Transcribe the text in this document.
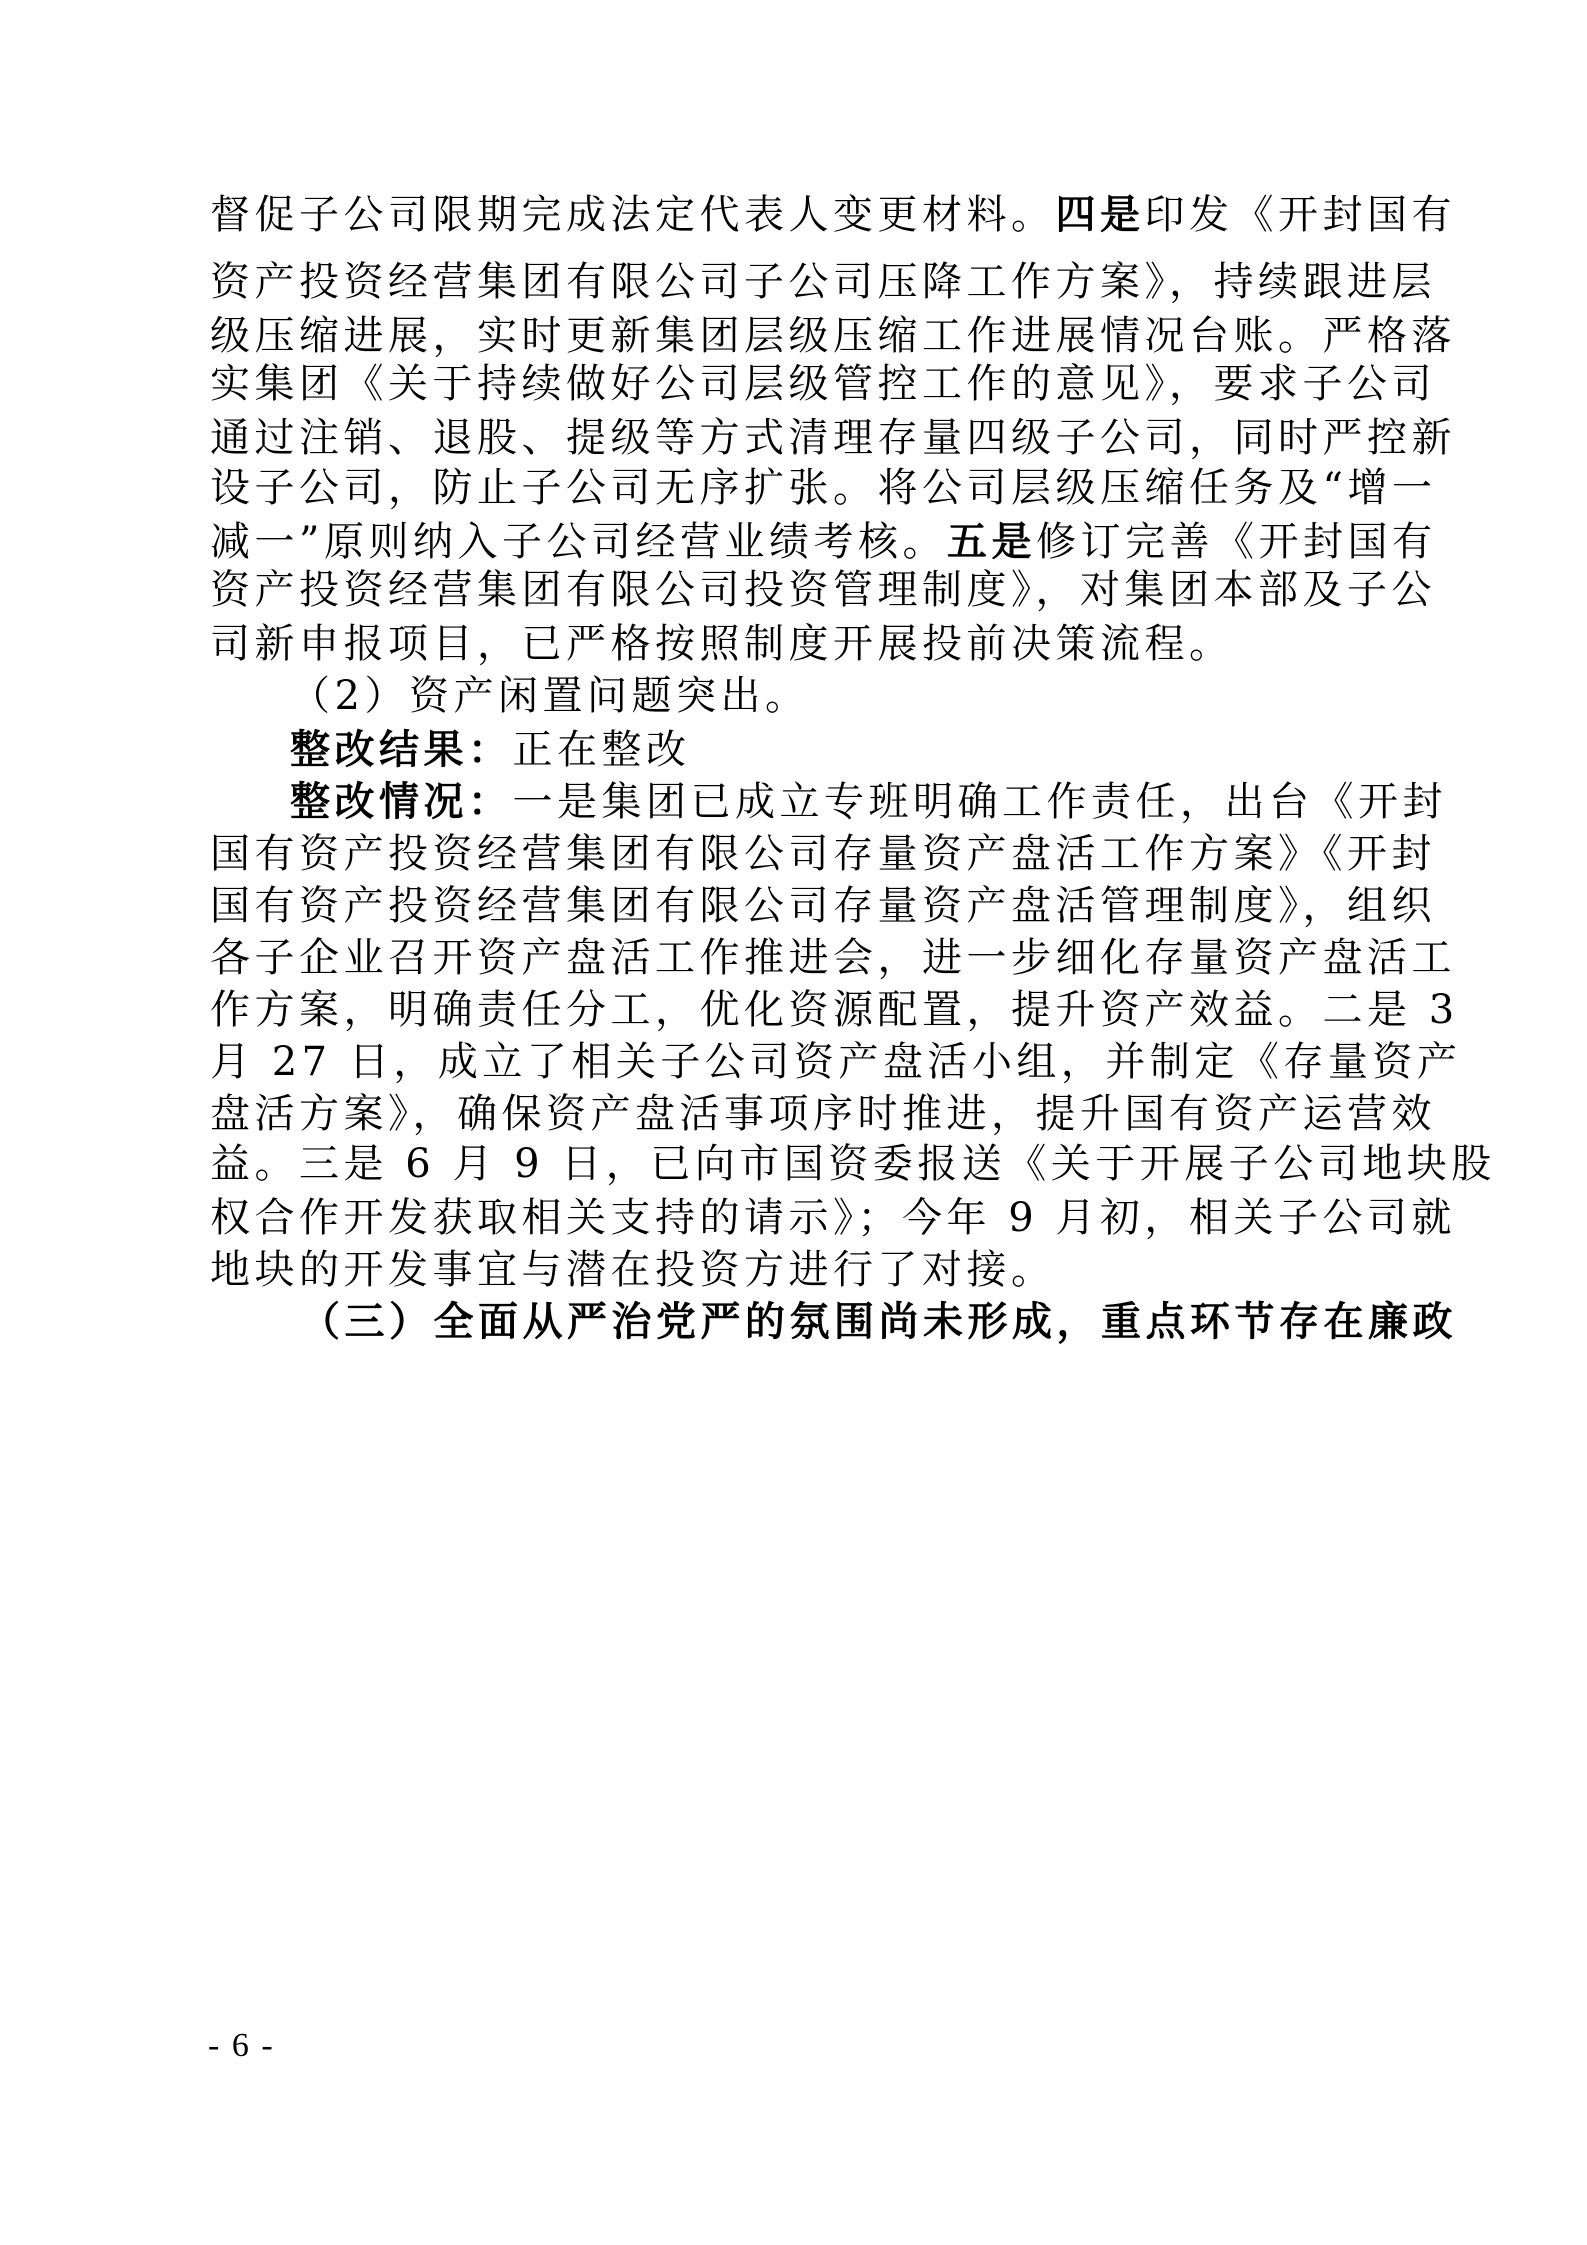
督促子公司限期完成法定代表人变更材料。四是印发《开封国有
资产投资经营集团有限公司子公司压降工作方案》，持续跟进层
级压缩进展，实时更新集团层级压缩工作进展情况台账。严格落
实集团《关于持续做好公司层级管控工作的意见》，要求子公司
通过注销、退股、提级等方式清理存量四级子公司，同时严控新
设子公司，防止子公司无序扩张。将公司层级压缩任务及“增一
减一”原则纳入子公司经营业绩考核。五是修订完善《开封国有
资产投资经营集团有限公司投资管理制度》，对集团本部及子公
司新申报项目，已严格按照制度开展投前决策流程。
（2）资产闲置问题突出。
整改结果：正在整改
整改情况：一是集团已成立专班明确工作责任，出台《开封
国有资产投资经营集团有限公司存量资产盘活工作方案》《开封
国有资产投资经营集团有限公司存量资产盘活管理制度》，组织
各子企业召开资产盘活工作推进会，进一步细化存量资产盘活工
作方案，明确责任分工，优化资源配置，提升资产效益。二是 3
月 27 日，成立了相关子公司资产盘活小组，并制定《存量资产
盘活方案》，确保资产盘活事项序时推进，提升国有资产运营效
益。三是 6 月 9 日，已向市国资委报送《关于开展子公司地块股
权合作开发获取相关支持的请示》；今年 9 月初，相关子公司就
地块的开发事宜与潜在投资方进行了对接。
（三）全面从严治党严的氛围尚未形成，重点环节存在廉政
- 6 -
